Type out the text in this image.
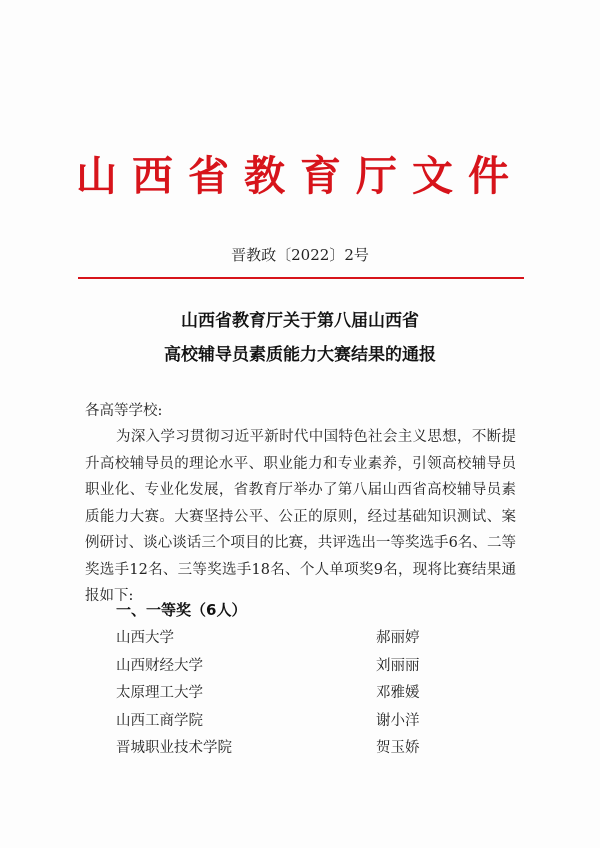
山西省教育厅文件
晋教政〔2022〕2号
山西省教育厅关于第八届山西省
高校辅导员素质能力大赛结果的通报
各高等学校:
为深入学习贯彻习近平新时代中国特色社会主义思想，不断提升高校辅导员的理论水平、职业能力和专业素养，引领高校辅导员职业化、专业化发展，省教育厅举办了第八届山西省高校辅导员素质能力大赛。大赛坚持公平、公正的原则，经过基础知识测试、案例研讨、谈心谈话三个项目的比赛，共评选出一等奖选手6名、二等奖选手12名、三等奖选手18名、个人单项奖9名，现将比赛结果通报如下:
一、一等奖（6人）
山西大学	郝丽婷
山西财经大学	刘丽丽
太原理工大学	邓雅媛
山西工商学院	谢小洋
晋城职业技术学院	贺玉娇
